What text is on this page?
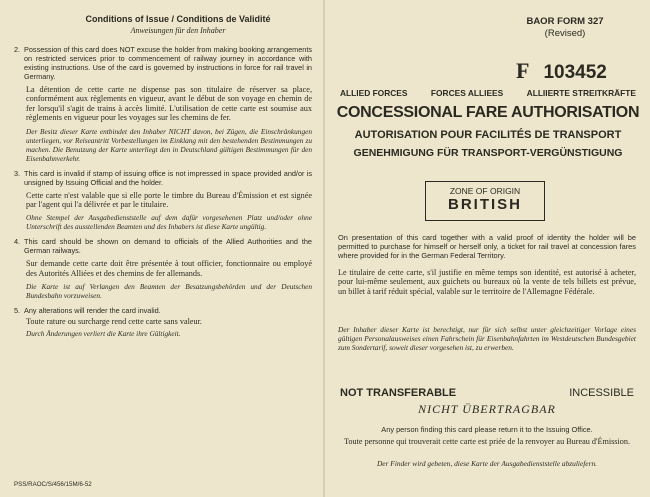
Conditions of Issue / Conditions de Validité
Anweisungen für den Inhaber
2. Possession of this card does NOT excuse the holder from making booking arrangements on restricted services prior to commencement of railway journey in accordance with existing instructions. Use of the card is governed by instructions in force for rail travel in Germany.
La détention de cette carte ne dispense pas son titulaire de réserver sa place, conformément aux règlements en vigueur, avant le début de son voyage en chemin de fer lorsqu'il s'agit de trains à accès limité. L'utilisation de cette carte est soumise aux règlements en vigueur pour les voyages sur les chemins de fer.
Der Besitz dieser Karte entbindet den Inhaber NICHT davon, bei Zügen, die Einschränkungen unterliegen, vor Reiseantritt Vorbestellungen im Einklang mit den bestehenden Bestimmungen zu machen. Die Benutzung der Karte unterliegt den in Deutschland gültigen Bestimmungen für den Eisenbahnverkehr.
3. This card is invalid if stamp of issuing office is not impressed in space provided and/or is unsigned by Issuing Official and the holder.
Cette carte n'est valable que si elle porte le timbre du Bureau d'Émission et est signée par l'agent qui l'a délivrée et par le titulaire.
Ohne Stempel der Ausgabedienststelle auf dem dafür vorgesehenen Platz und/oder ohne Unterschrift des ausstellenden Beamten und des Inhabers ist diese Karte ungültig.
4. This card should be shown on demand to officials of the Allied Authorities and the German railways.
Sur demande cette carte doit être présentée à tout officier, fonctionnaire ou employé des Autorités Alliées et des chemins de fer allemands.
Die Karte ist auf Verlangen den Beamten der Besatzungsbehörden und der Deutschen Bundesbahn vorzuweisen.
5. Any alterations will render the card invalid.
Toute rature ou surcharge rend cette carte sans valeur.
Durch Änderungen verliert die Karte ihre Gültigkeit.
PSS/RAOC/S/456/15M/6-52
BAOR FORM 327
(Revised)
F 103452
ALLIED FORCES	FORCES ALLIEES	ALLIIERTE STREITKRÄFTE
CONCESSIONAL FARE AUTHORISATION
AUTORISATION POUR FACILITÉS DE TRANSPORT
GENEHMIGUNG FÜR TRANSPORT-VERGÜNSTIGUNG
ZONE OF ORIGIN
BRITISH
On presentation of this card together with a valid proof of identity the holder will be permitted to purchase for himself or herself only, a ticket for rail travel at concession fares where provided for in the German Federal Territory.
Le titulaire de cette carte, s'il justifie en même temps son identité, est autorisé à acheter, pour lui-même seulement, aux guichets ou bureaux où la vente de tels billets est prévue, un billet à tarif réduit spécial, valable sur le territoire de l'Allemagne Fédérale.
Der Inhaber dieser Karte ist berechtigt, nur für sich selbst unter gleichzeitiger Vorlage eines gültigen Personalausweises einen Fahrschein für Eisenbahnfahrten im Westdeutschen Bundesgebiet zum Sondertarif, soweit dieser vorgesehen ist, zu erwerben.
NOT TRANSFERABLE	INCESSIBLE
NICHT ÜBERTRAGBAR
Any person finding this card please return it to the Issuing Office.
Toute personne qui trouverait cette carte est priée de la renvoyer au Bureau d'Émission.
Der Finder wird gebeten, diese Karte der Ausgabedienststelle abzuliefern.
